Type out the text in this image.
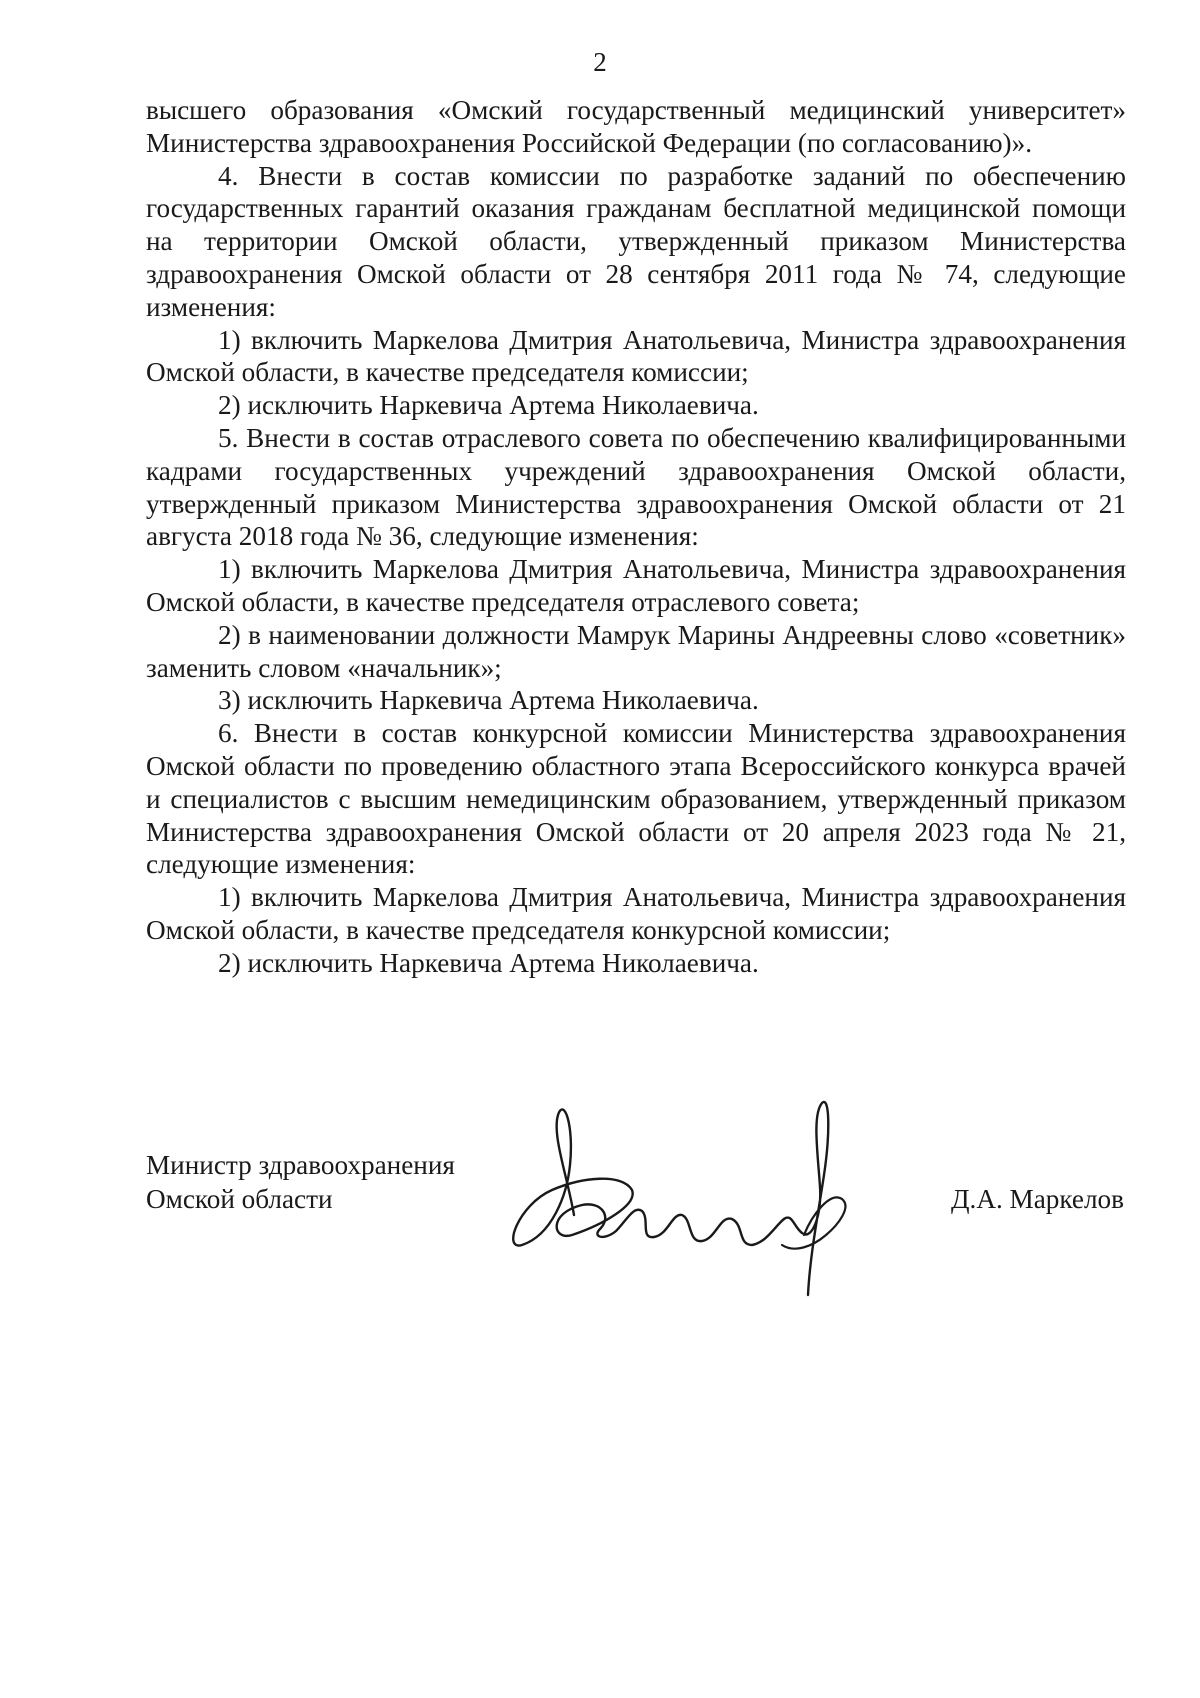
2

высшего образования «Омский государственный медицинский университет» Министерства здравоохранения Российской Федерации (по согласованию)».

4. Внести в состав комиссии по разработке заданий по обеспечению государственных гарантий оказания гражданам бесплатной медицинской помощи на территории Омской области, утвержденный приказом Министерства здравоохранения Омской области от 28 сентября 2011 года № 74, следующие изменения:

1) включить Маркелова Дмитрия Анатольевича, Министра здравоохранения Омской области, в качестве председателя комиссии;

2) исключить Наркевича Артема Николаевича.

5. Внести в состав отраслевого совета по обеспечению квалифицированными кадрами государственных учреждений здравоохранения Омской области, утвержденный приказом Министерства здравоохранения Омской области от 21 августа 2018 года № 36, следующие изменения:

1) включить Маркелова Дмитрия Анатольевича, Министра здравоохранения Омской области, в качестве председателя отраслевого совета;

2) в наименовании должности Мамрук Марины Андреевны слово «советник» заменить словом «начальник»;

3) исключить Наркевича Артема Николаевича.

6. Внести в состав конкурсной комиссии Министерства здравоохранения Омской области по проведению областного этапа Всероссийского конкурса врачей и специалистов с высшим немедицинским образованием, утвержденный приказом Министерства здравоохранения Омской области от 20 апреля 2023 года № 21, следующие изменения:

1) включить Маркелова Дмитрия Анатольевича, Министра здравоохранения Омской области, в качестве председателя конкурсной комиссии;

2) исключить Наркевича Артема Николаевича.

Министр здравоохранения
Омской области	Д.А. Маркелов
